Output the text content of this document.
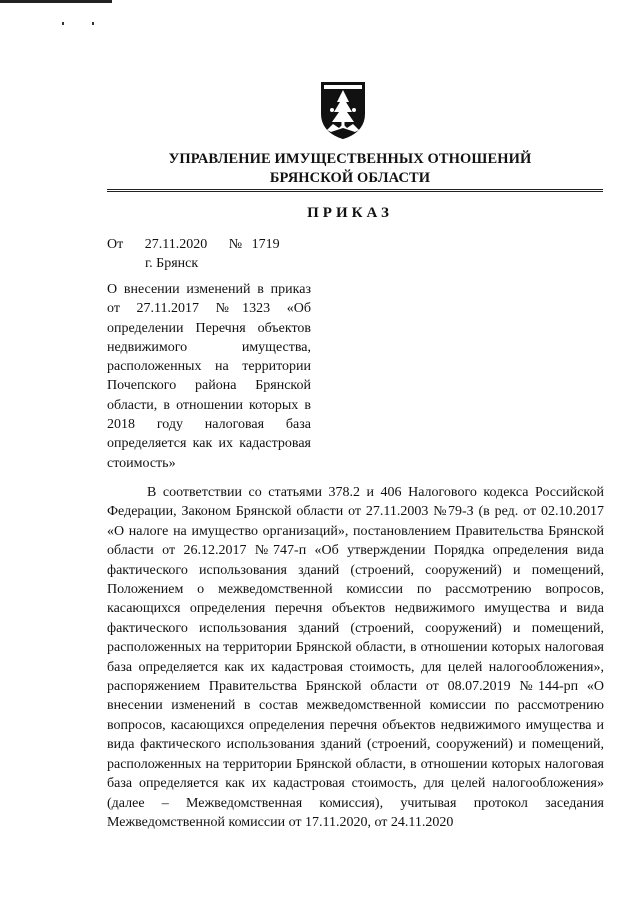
УПРАВЛЕНИЕ ИМУЩЕСТВЕННЫХ ОТНОШЕНИЙ
БРЯНСКОЙ ОБЛАСТИ
ПРИКАЗ
От 27.11.2020 № 1719
г. Брянск
О внесении изменений в приказ от 27.11.2017 №1323 «Об определении Перечня объектов недвижимого имущества, расположенных на территории Почепского района Брянской области, в отношении которых в 2018 году налоговая база определяется как их кадастровая стоимость»

В соответствии со статьями 378.2 и 406 Налогового кодекса Российской Федерации, Законом Брянской области от 27.11.2003 №79-З (в ред. от 02.10.2017 «О налоге на имущество организаций», постановлением Правительства Брянской области от 26.12.2017 №747-п «Об утверждении Порядка определения вида фактического использования зданий (строений, сооружений) и помещений, Положением о межведомственной комиссии по рассмотрению вопросов, касающихся определения перечня объектов недвижимого имущества и вида фактического использования зданий (строений, сооружений) и помещений, расположенных на территории Брянской области, в отношении которых налоговая база определяется как их кадастровая стоимость, для целей налогообложения», распоряжением Правительства Брянской области от 08.07.2019 №144-рп «О внесении изменений в состав межведомственной комиссии по рассмотрению вопросов, касающихся определения перечня объектов недвижимого имущества и вида фактического использования зданий (строений, сооружений) и помещений, расположенных на территории Брянской области, в отношении которых налоговая база определяется как их кадастровая стоимость, для целей налогообложения» (далее – Межведомственная комиссия), учитывая протокол заседания Межведомственной комиссии от 17.11.2020, от 24.11.2020
